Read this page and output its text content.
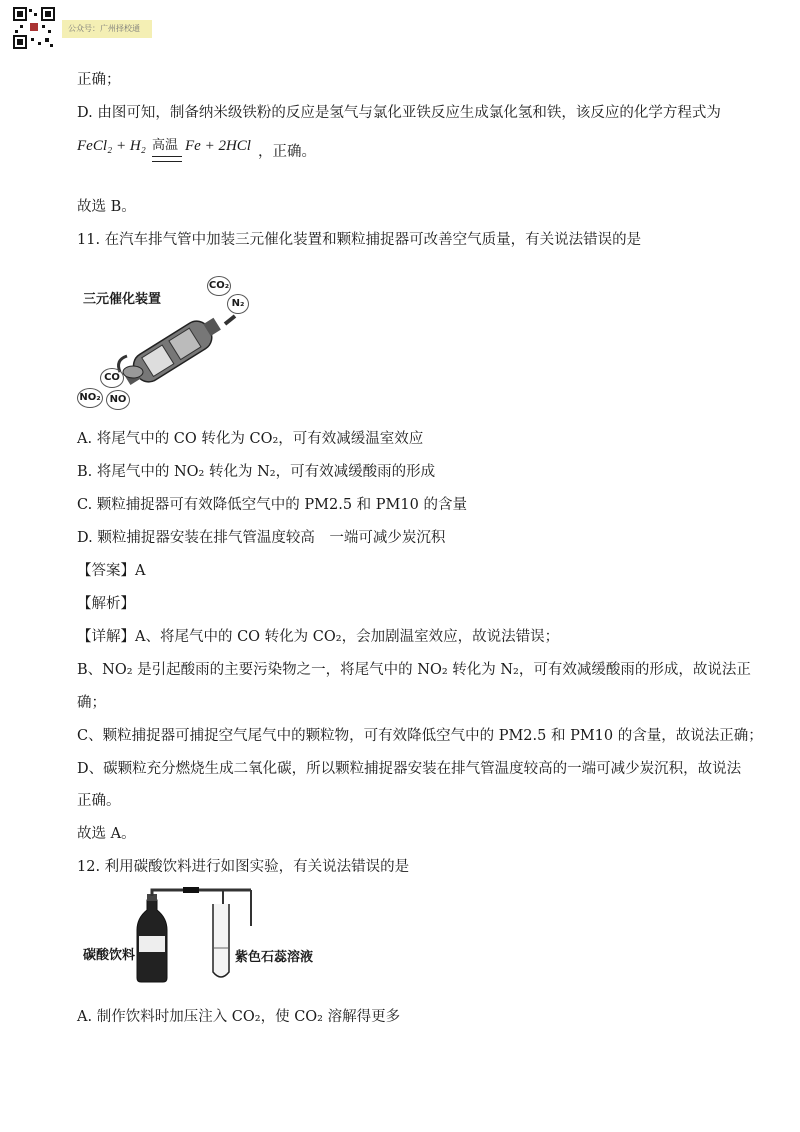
公众号：广州择校通
正确；
D. 由图可知，制备纳米级铁粉的反应是氢气与氯化亚铁反应生成氯化氢和铁，该反应的化学方程式为
FeCl₂ + H₂ 高温 Fe + 2HCl ，正确。
故选 B。
11. 在汽车排气管中加装三元催化装置和颗粒捕捉器可改善空气质量，有关说法错误的是
三元催化装置
CO₂
N₂
CO
NO₂ NO
A. 将尾气中的 CO 转化为 CO₂，可有效减缓温室效应
B. 将尾气中的 NO₂ 转化为 N₂，可有效减缓酸雨的形成
C. 颗粒捕捉器可有效降低空气中的 PM2.5 和 PM10 的含量
D. 颗粒捕捉器安装在排气管温度较高　一端可减少炭沉积
【答案】A
【解析】
【详解】A、将尾气中的 CO 转化为 CO₂，会加剧温室效应，故说法错误；
B、NO₂ 是引起酸雨的主要污染物之一，将尾气中的 NO₂ 转化为 N₂，可有效减缓酸雨的形成，故说法正
确；
C、颗粒捕捉器可捕捉空气尾气中的颗粒物，可有效降低空气中的 PM2.5 和 PM10 的含量，故说法正确；
D、碳颗粒充分燃烧生成二氧化碳，所以颗粒捕捉器安装在排气管温度较高的一端可减少炭沉积，故说法
正确。
故选 A。
12. 利用碳酸饮料进行如图实验，有关说法错误的是
碳酸饮料	紫色石蕊溶液
A. 制作饮料时加压注入 CO₂，使 CO₂ 溶解得更多
